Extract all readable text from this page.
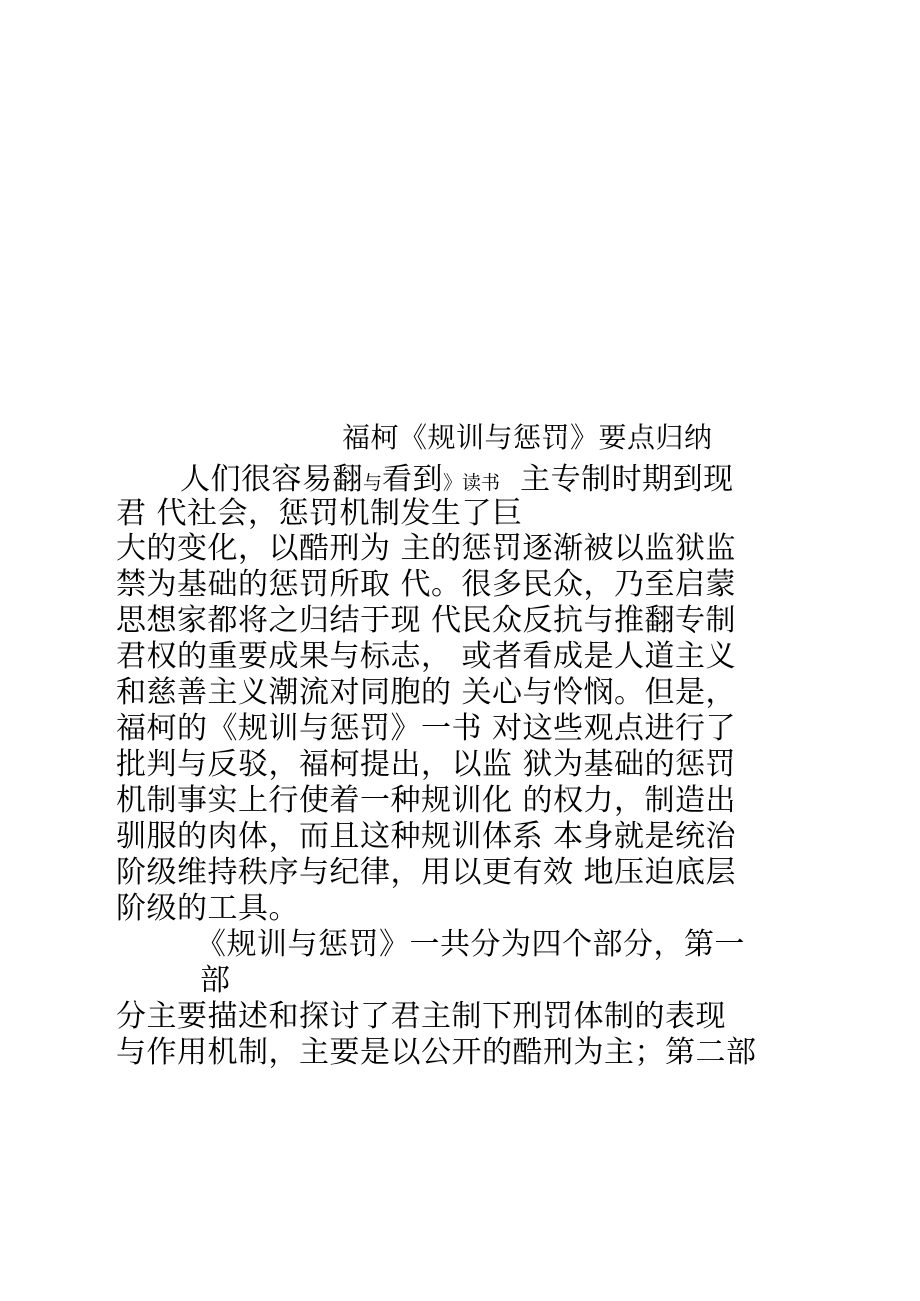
福柯《规训与惩罚》要点归纳
人们很容易翻与看到》读书 主专制时期到现
君 代社会，惩罚机制发生了巨
大的变化，以酷刑为 主的惩罚逐渐被以监狱监
禁为基础的惩罚所取 代。很多民众，乃至启蒙
思想家都将之归结于现 代民众反抗与推翻专制
君权的重要成果与标志， 或者看成是人道主义
和慈善主义潮流对同胞的 关心与怜悯。但是，
福柯的《规训与惩罚》一书 对这些观点进行了
批判与反驳，福柯提出，以监 狱为基础的惩罚
机制事实上行使着一种规训化 的权力，制造出
驯服的肉体，而且这种规训体系 本身就是统治
阶级维持秩序与纪律，用以更有效 地压迫底层
阶级的工具。
《规训与惩罚》一共分为四个部分，第一
部
分主要描述和探讨了君主制下刑罚体制的表现
与作用机制，主要是以公开的酷刑为主；第二部
